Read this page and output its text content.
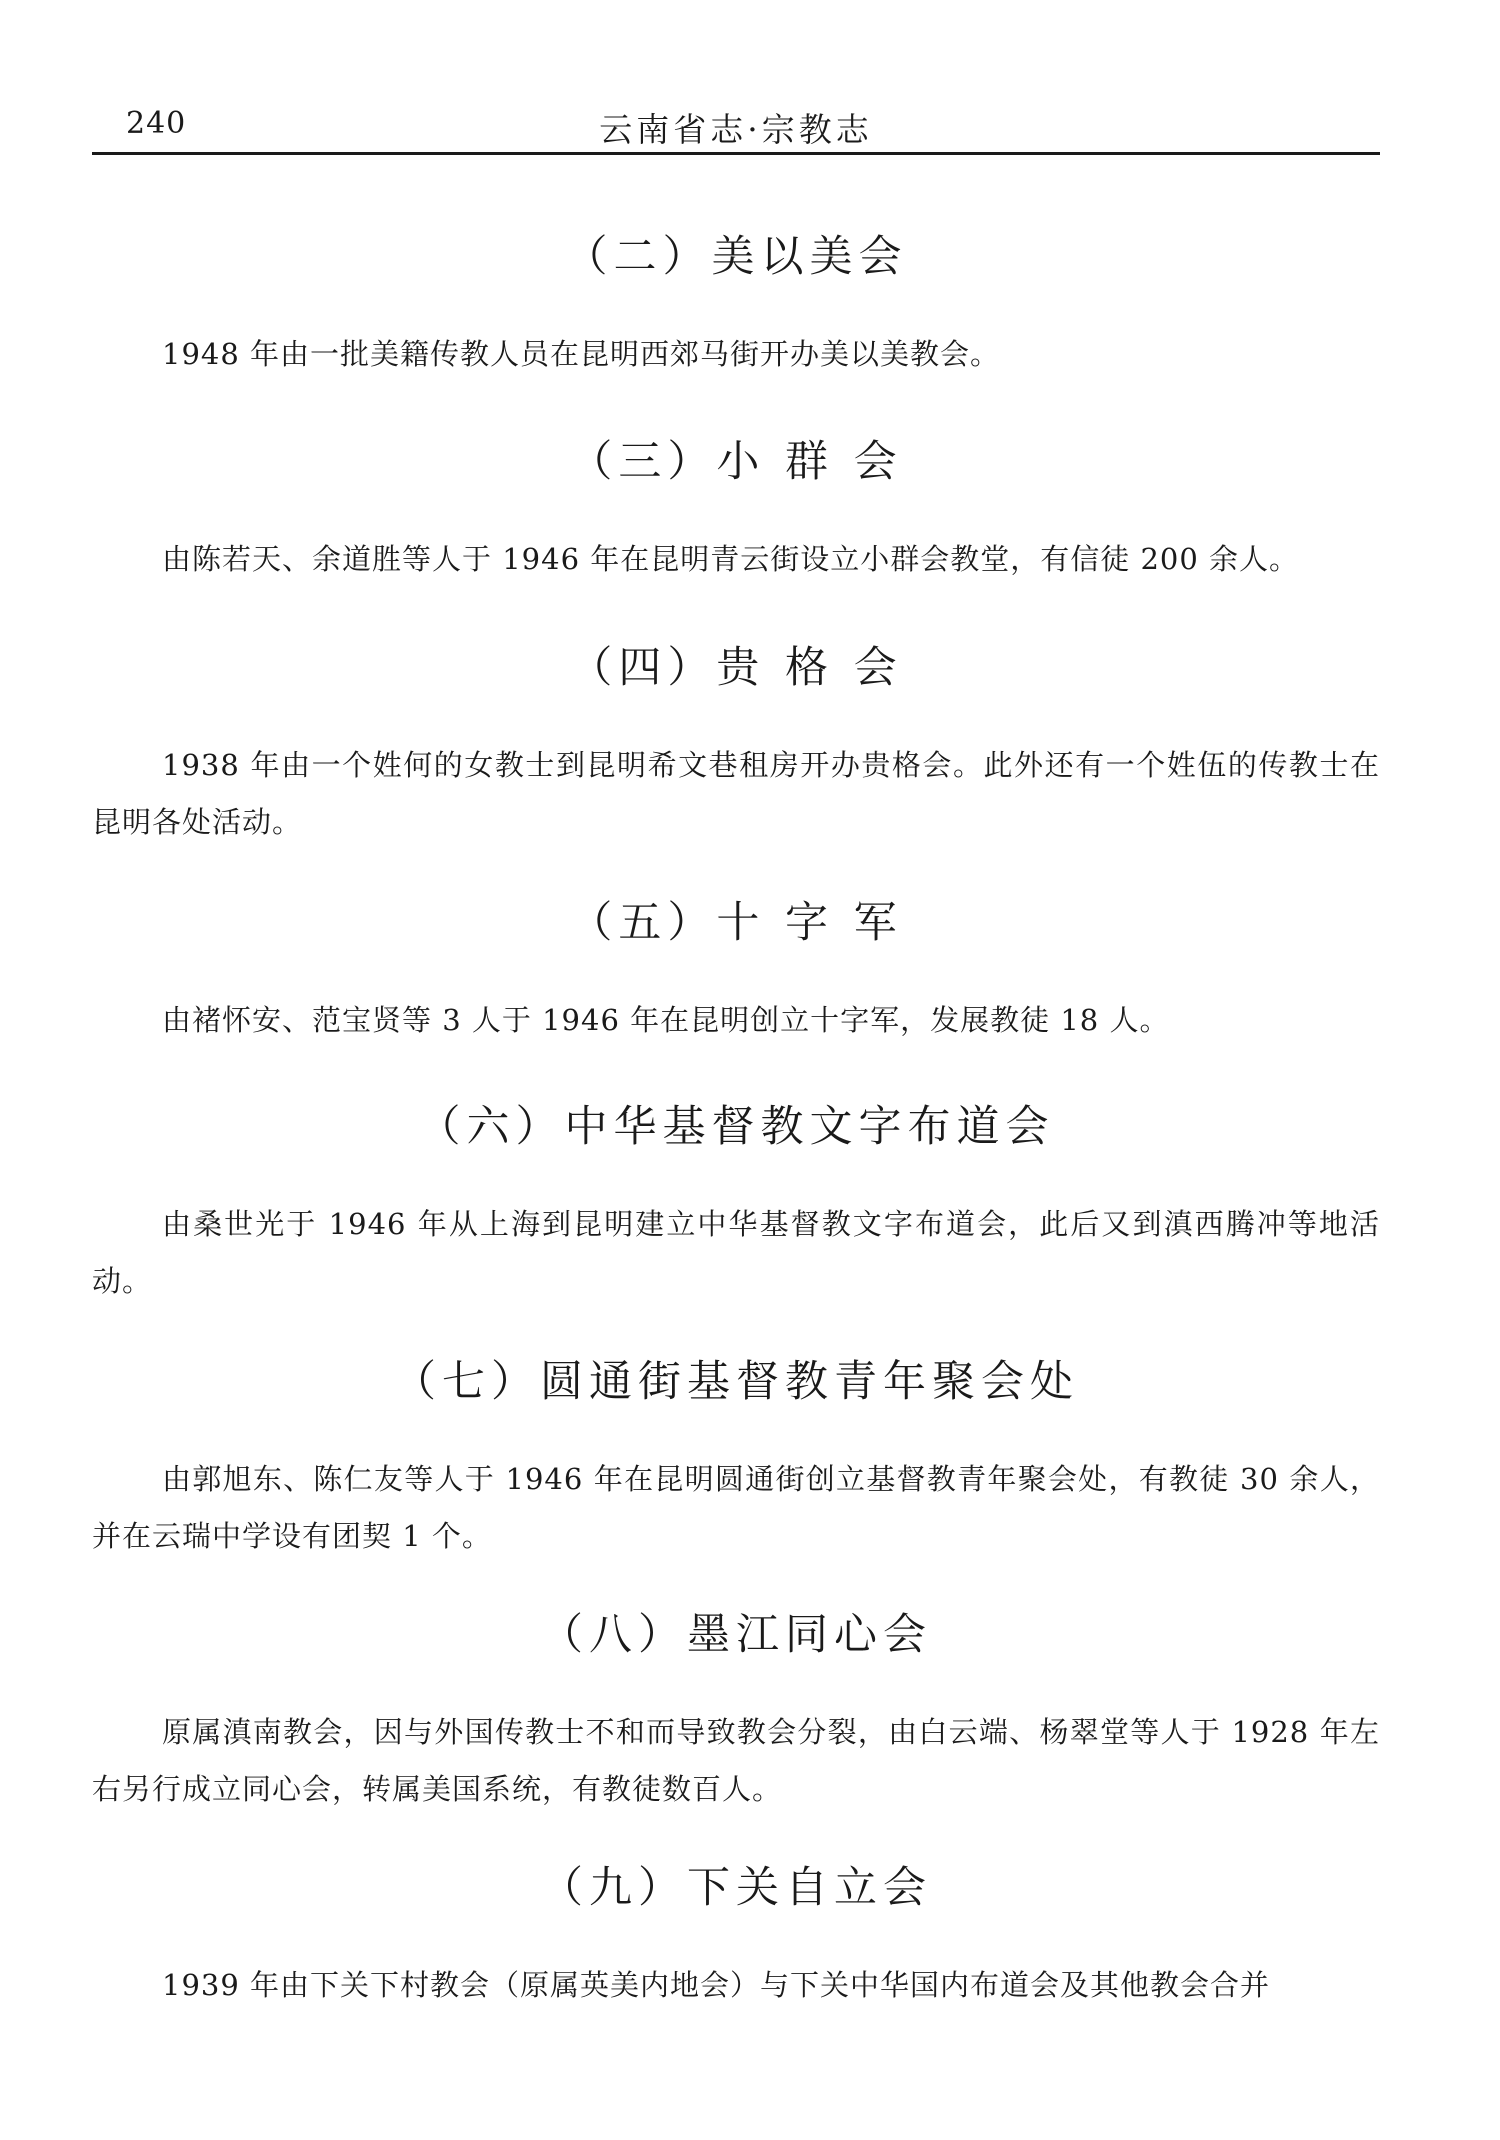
240	云南省志·宗教志
（二）美以美会

1948 年由一批美籍传教人员在昆明西郊马街开办美以美教会。

（三）小 群 会

由陈若天、余道胜等人于 1946 年在昆明青云街设立小群会教堂，有信徒 200 余人。

（四）贵 格 会

1938 年由一个姓何的女教士到昆明希文巷租房开办贵格会。此外还有一个姓伍的传教士在昆明各处活动。

（五）十 字 军

由褚怀安、范宝贤等 3 人于 1946 年在昆明创立十字军，发展教徒 18 人。

（六）中华基督教文字布道会

由桑世光于 1946 年从上海到昆明建立中华基督教文字布道会，此后又到滇西腾冲等地活动。

（七）圆通街基督教青年聚会处

由郭旭东、陈仁友等人于 1946 年在昆明圆通街创立基督教青年聚会处，有教徒 30 余人，并在云瑞中学设有团契 1 个。

（八）墨江同心会

原属滇南教会，因与外国传教士不和而导致教会分裂，由白云端、杨翠堂等人于 1928 年左右另行成立同心会，转属美国系统，有教徒数百人。

（九）下关自立会

1939 年由下关下村教会（原属英美内地会）与下关中华国内布道会及其他教会合并
